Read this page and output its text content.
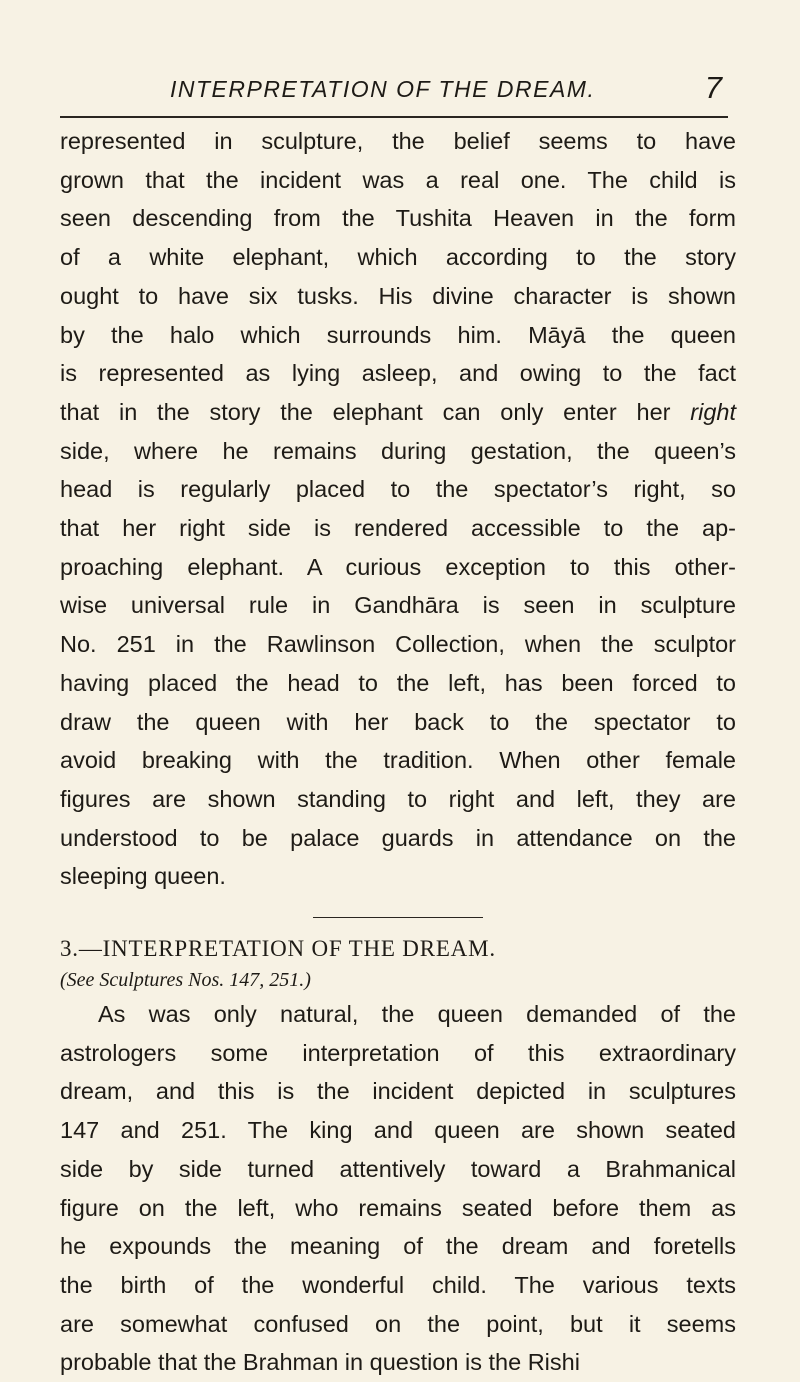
INTERPRETATION OF THE DREAM.	7

represented in sculpture, the belief seems to have
grown that the incident was a real one. The child is
seen descending from the Tushita Heaven in the form
of a white elephant, which according to the story
ought to have six tusks. His divine character is shown
by the halo which surrounds him. Māyā the queen
is represented as lying asleep, and owing to the fact
that in the story the elephant can only enter her right
side, where he remains during gestation, the queen’s
head is regularly placed to the spectator’s right, so
that her right side is rendered accessible to the ap-
proaching elephant. A curious exception to this other-
wise universal rule in Gandhāra is seen in sculpture
No. 251 in the Rawlinson Collection, when the sculptor
having placed the head to the left, has been forced to
draw the queen with her back to the spectator to
avoid breaking with the tradition. When other female
figures are shown standing to right and left, they are
understood to be palace guards in attendance on the
sleeping queen.

3.—INTERPRETATION OF THE DREAM.

(See Sculptures Nos. 147, 251.)

As was only natural, the queen demanded of the
astrologers some interpretation of this extraordinary
dream, and this is the incident depicted in sculptures
147 and 251. The king and queen are shown seated
side by side turned attentively toward a Brahmanical
figure on the left, who remains seated before them as
he expounds the meaning of the dream and foretells
the birth of the wonderful child. The various texts
are somewhat confused on the point, but it seems
probable that the Brahman in question is the Rishi
